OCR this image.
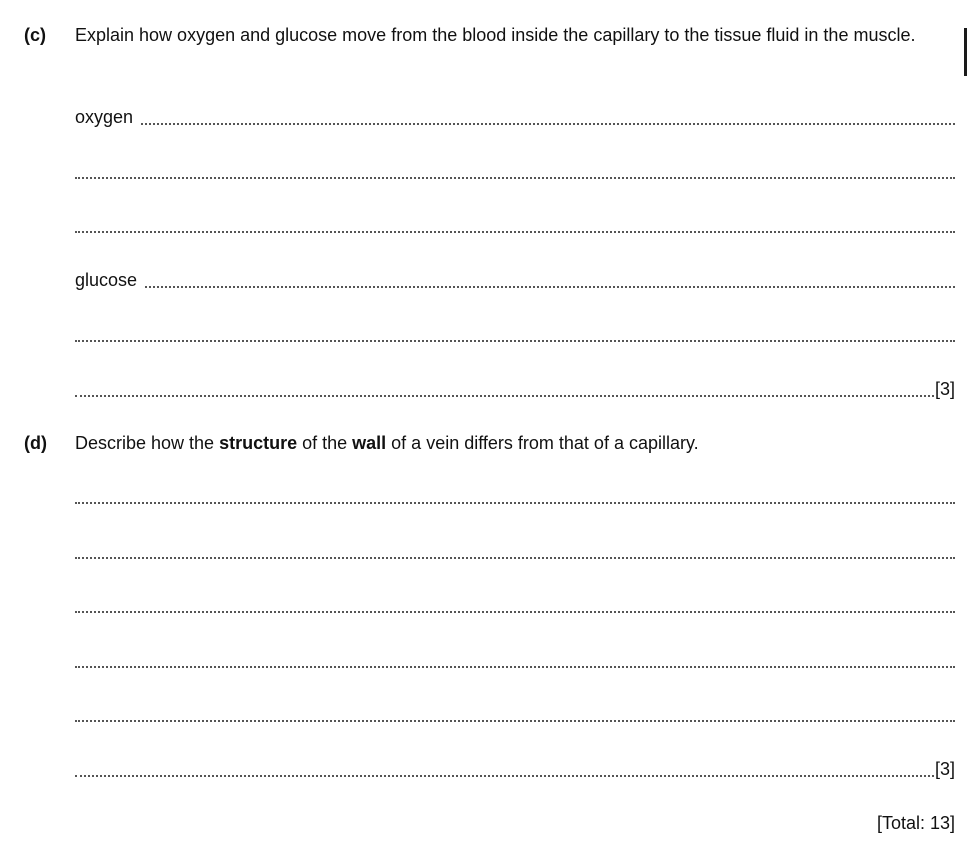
(c) Explain how oxygen and glucose move from the blood inside the capillary to the tissue fluid in the muscle.
oxygen
glucose
[3]
(d) Describe how the structure of the wall of a vein differs from that of a capillary.
[3]
[Total: 13]
